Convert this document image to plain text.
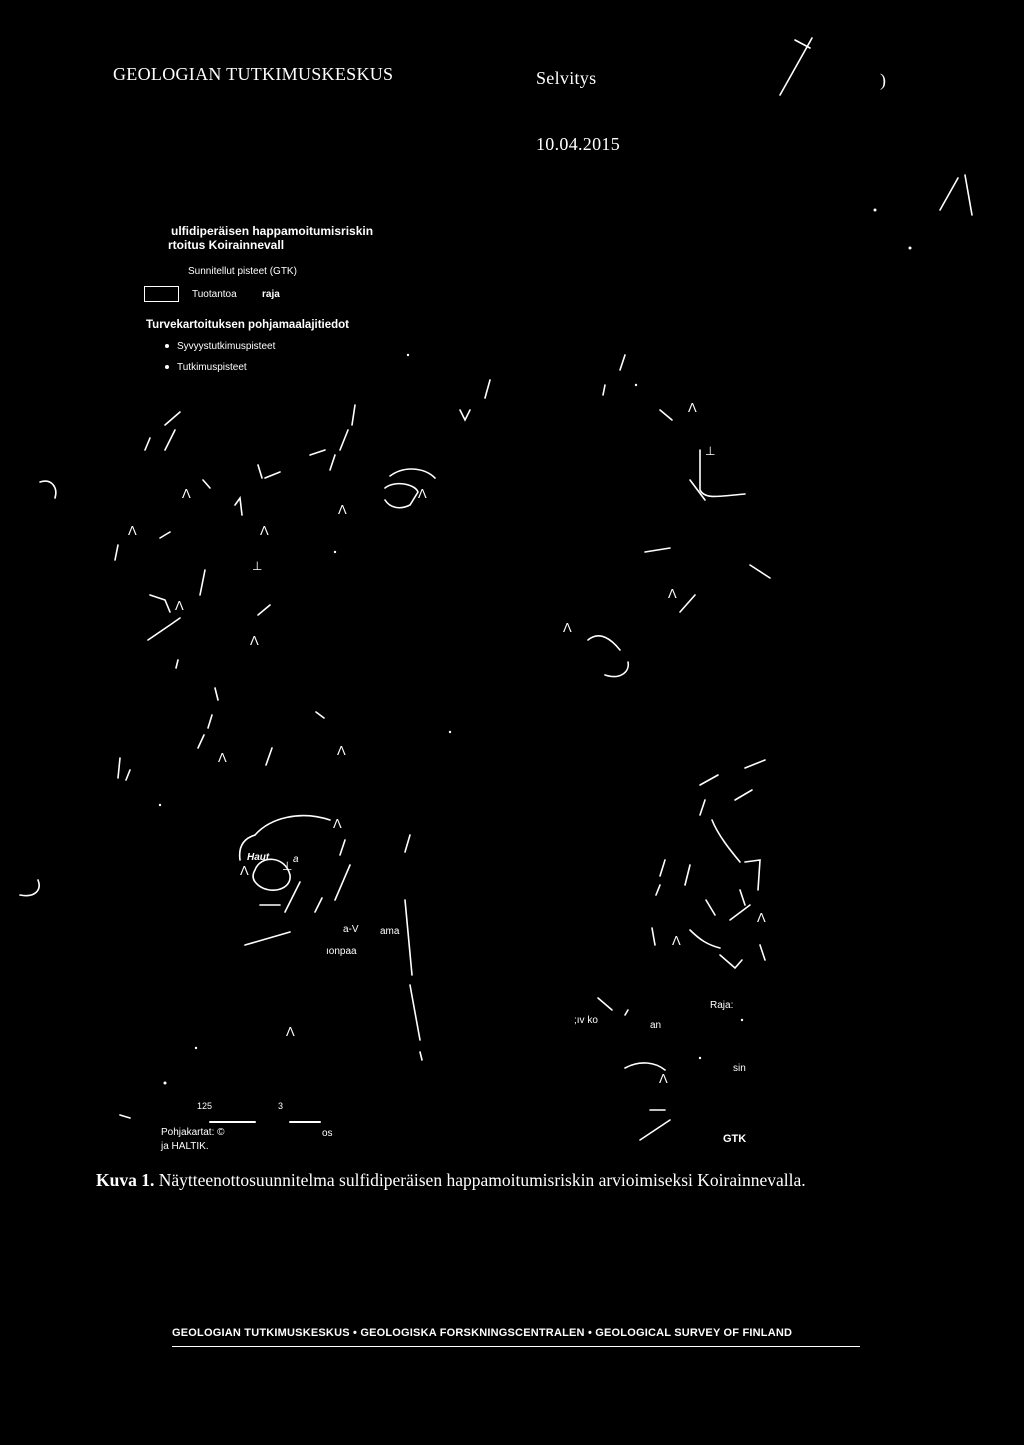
GEOLOGIAN TUTKIMUSKESKUS	Selvitys
10.04.2015
)
Λ	Λ
Λ
Λ	Λ
Λ
Λ
Λ
Λ
Λ
Λ	Λ
Λ
Λ
Λ
Λ
Λ
Λ
⊥
⊥
⊥
ulfidiperäisen happamoitumisriskin
rtoitus Koirainnevall
Sunnitellut pisteet (GTK)
Tuotantoa	raja
Turvekartoituksen pohjamaalajitiedot
Syvyystutkimuspisteet
Tutkimuspisteet
Haut a
a-V ama
ıonpaa
Raja:
;ıv ko	an
sin
GTK
125	3
Pohjakartat: ©	os
ja HALTIK.
Kuva 1. Näytteenottosuunnitelma sulfidiperäisen happamoitumisriskin arvioimiseksi Koirainnevalla.
GEOLOGIAN TUTKIMUSKESKUS • GEOLOGISKA FORSKNINGSCENTRALEN • GEOLOGICAL SURVEY OF FINLAND
